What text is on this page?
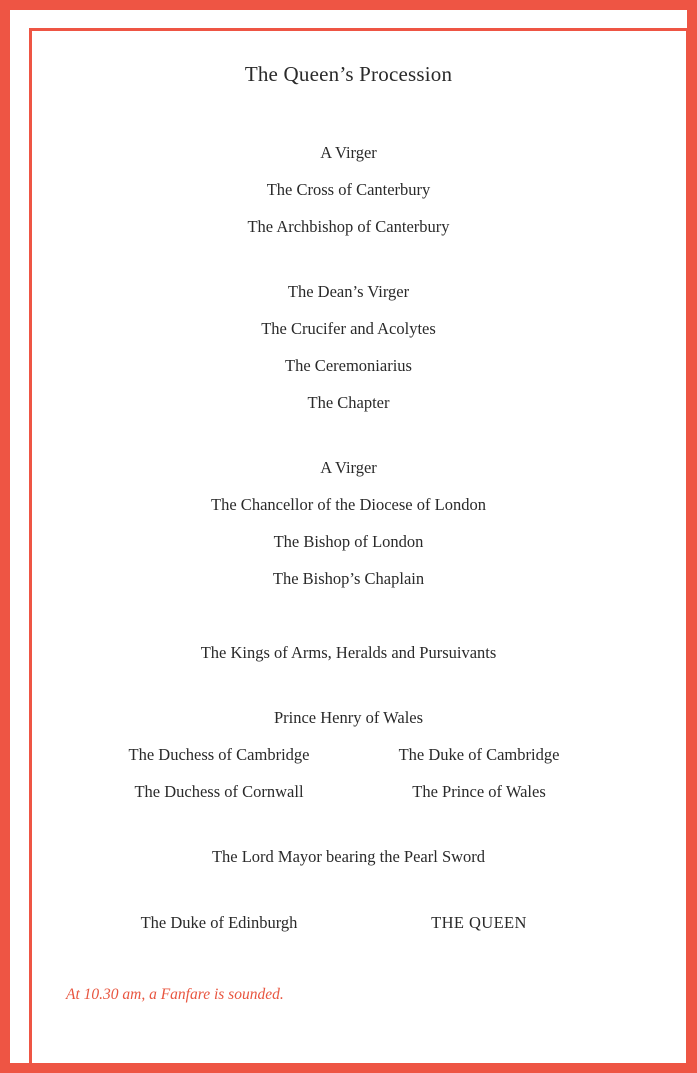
The Queen’s Procession
A Virger
The Cross of Canterbury
The Archbishop of Canterbury
The Dean’s Virger
The Crucifer and Acolytes
The Ceremoniarius
The Chapter
A Virger
The Chancellor of the Diocese of London
The Bishop of London
The Bishop’s Chaplain
The Kings of Arms, Heralds and Pursuivants
Prince Henry of Wales
The Duchess of Cambridge	The Duke of Cambridge
The Duchess of Cornwall	The Prince of Wales
The Lord Mayor bearing the Pearl Sword
The Duke of Edinburgh	THE QUEEN
At 10.30 am, a Fanfare is sounded.
